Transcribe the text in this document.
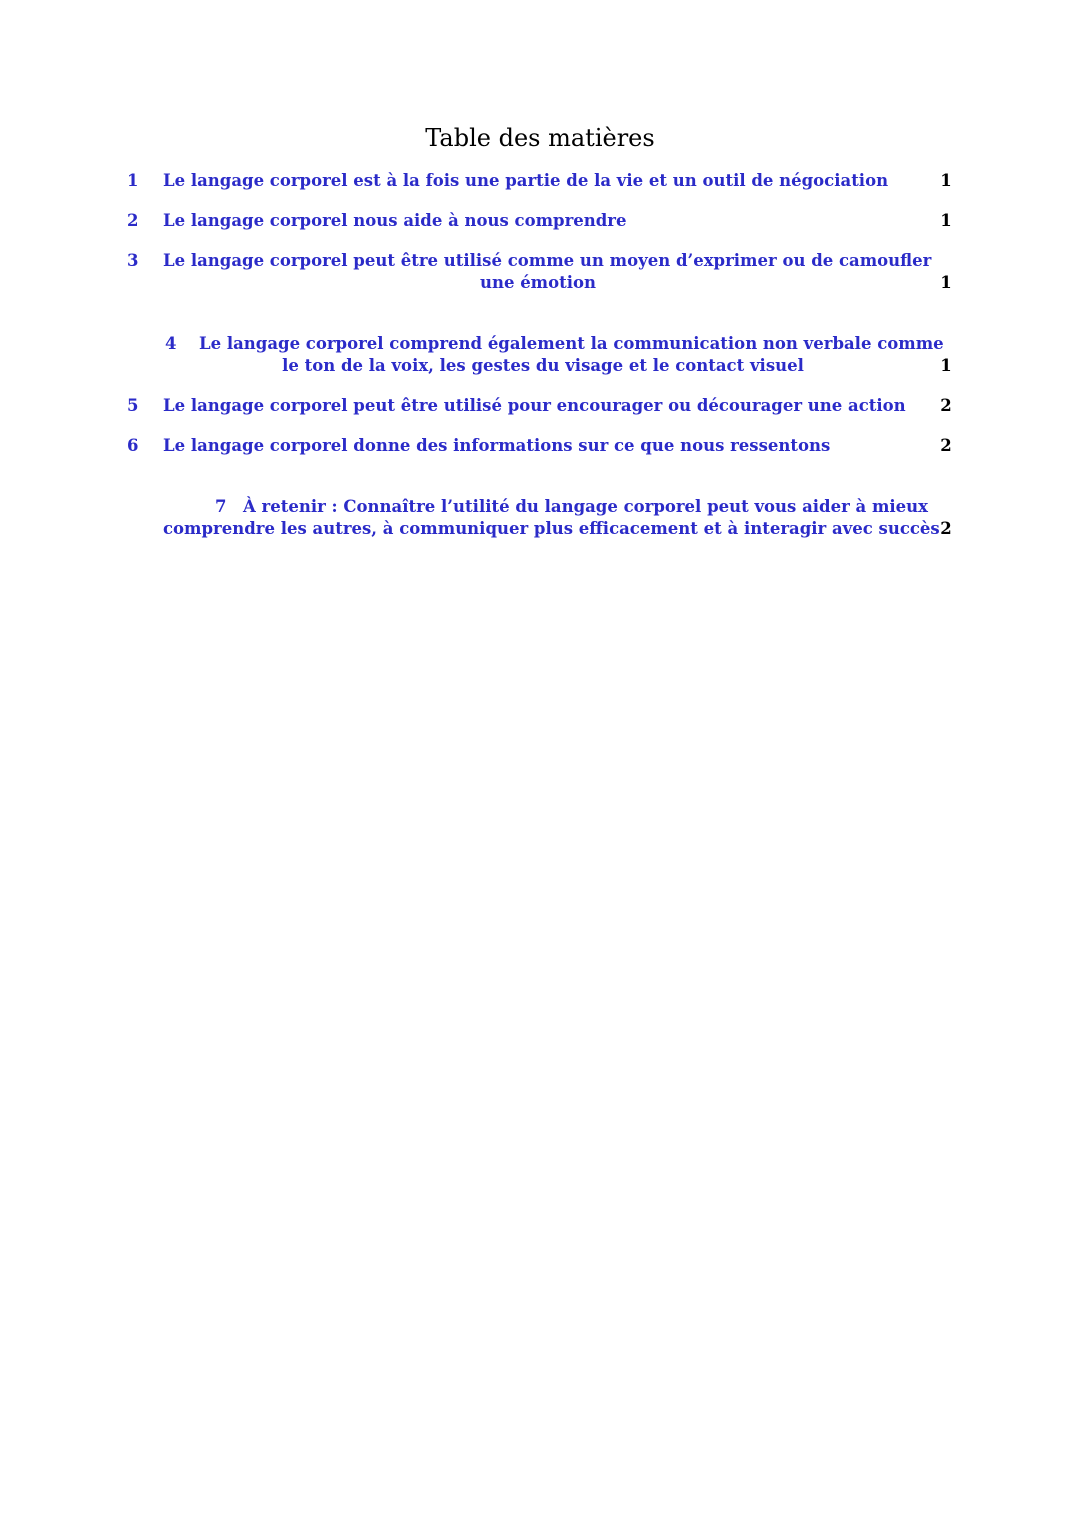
Table des matières
1 Le langage corporel est à la fois une partie de la vie et un outil de négociation	1
2 Le langage corporel nous aide à nous comprendre	1
3 Le langage corporel peut être utilisé comme un moyen d’exprimer ou de camoufler
une émotion	1
4 Le langage corporel comprend également la communication non verbale comme
le ton de la voix, les gestes du visage et le contact visuel	1
5 Le langage corporel peut être utilisé pour encourager ou décourager une action 2
6 Le langage corporel donne des informations sur ce que nous ressentons	2
7 À retenir : Connaître l’utilité du langage corporel peut vous aider à mieux
comprendre les autres, à communiquer plus efficacement et à interagir avec succès 2
